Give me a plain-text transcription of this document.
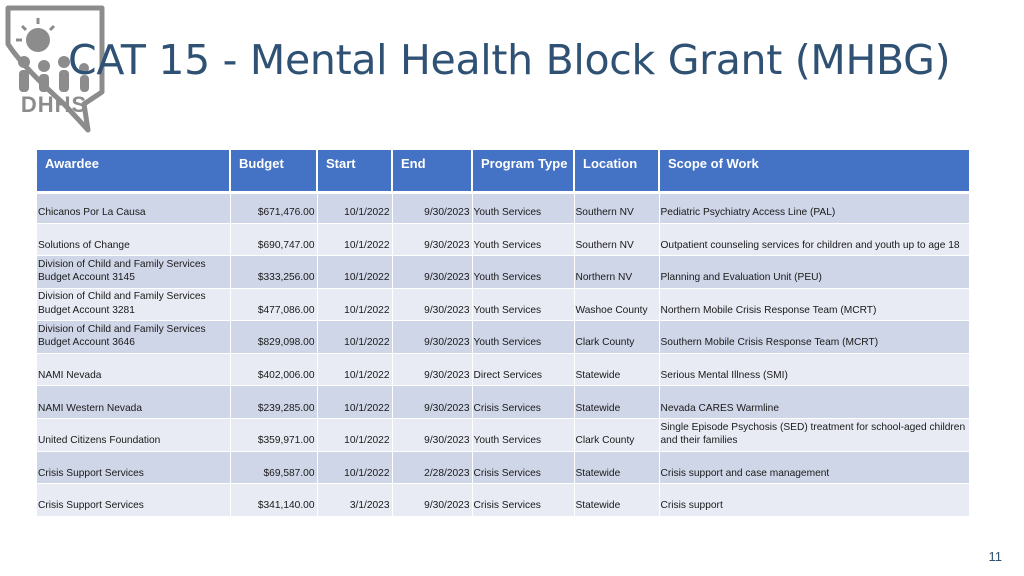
DHHS
CAT 15 - Mental Health Block Grant (MHBG)
Awardee	Budget	Start	End	Program Type	Location	Scope of Work
Chicanos Por La Causa	$671,476.00	10/1/2022	9/30/2023	Youth Services	Southern NV	Pediatric Psychiatry Access Line (PAL)
Solutions of Change	$690,747.00	10/1/2022	9/30/2023	Youth Services	Southern NV	Outpatient counseling services for children and youth up to age 18
Division of Child and Family Services Budget Account 3145	$333,256.00	10/1/2022	9/30/2023	Youth Services	Northern NV	Planning and Evaluation Unit (PEU)
Division of Child and Family Services Budget Account 3281	$477,086.00	10/1/2022	9/30/2023	Youth Services	Washoe County	Northern Mobile Crisis Response Team (MCRT)
Division of Child and Family Services Budget Account 3646	$829,098.00	10/1/2022	9/30/2023	Youth Services	Clark County	Southern Mobile Crisis Response Team (MCRT)
NAMI Nevada	$402,006.00	10/1/2022	9/30/2023	Direct Services	Statewide	Serious Mental Illness (SMI)
NAMI Western Nevada	$239,285.00	10/1/2022	9/30/2023	Crisis Services	Statewide	Nevada CARES Warmline
United Citizens Foundation	$359,971.00	10/1/2022	9/30/2023	Youth Services	Clark County	Single Episode Psychosis (SED) treatment for school-aged children and their families
Crisis Support Services	$69,587.00	10/1/2022	2/28/2023	Crisis Services	Statewide	Crisis support and case management
Crisis Support Services	$341,140.00	3/1/2023	9/30/2023	Crisis Services	Statewide	Crisis support
11
